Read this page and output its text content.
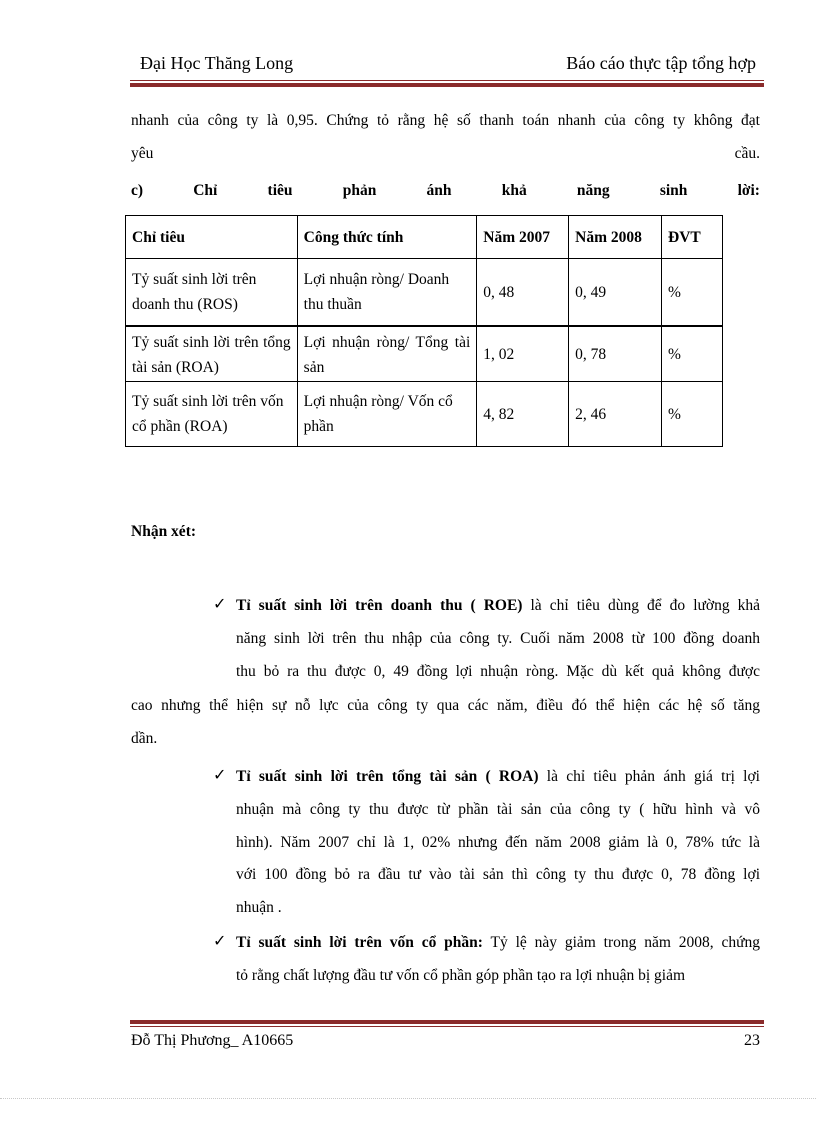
Đại Học Thăng Long	Báo cáo thực tập tổng hợp
nhanh của công ty là 0,95. Chứng tỏ rằng hệ số thanh toán nhanh của công ty không đạt
yêu	cầu.
c)	Chỉ	tiêu	phản	ánh	khả	năng	sinh	lời:
Chỉ tiêu	Công thức tính	Năm 2007	Năm 2008	ĐVT
Tỷ suất sinh lời trên doanh thu (ROS)	Lợi nhuận ròng/ Doanh thu thuần	0, 48	0, 49	%

Tỷ suất sinh lời trên tổng tài sản (ROA)	Lợi nhuận ròng/ Tổng tài sản	1, 02	0, 78	%
Tỷ suất sinh lời trên vốn cổ phần (ROA)	Lợi nhuận ròng/ Vốn cổ phần	4, 82	2, 46	%
Nhận xét:
✓ Tỉ suất sinh lời trên doanh thu ( ROE) là chỉ tiêu dùng để đo lường khả
năng sinh lời trên thu nhập của công ty. Cuối năm 2008 từ 100 đồng doanh
thu bỏ ra thu được 0, 49 đồng lợi nhuận ròng. Mặc dù kết quả không được
cao nhưng thể hiện sự nỗ lực của công ty qua các năm, điều đó thể hiện các hệ số tăng
dần.
✓ Tỉ suất sinh lời trên tổng tài sản ( ROA) là chỉ tiêu phản ánh giá trị lợi
nhuận mà công ty thu được từ phần tài sản của công ty ( hữu hình và vô
hình). Năm 2007 chỉ là 1, 02% nhưng đến năm 2008 giảm là 0, 78% tức là
với 100 đồng bỏ ra đầu tư vào tài sản thì công ty thu được 0, 78 đồng lợi
nhuận .
✓ Tỉ suất sinh lời trên vốn cổ phần: Tỷ lệ này giảm trong năm 2008, chứng
tỏ rằng chất lượng đầu tư vốn cổ phần góp phần tạo ra lợi nhuận bị giảm
Đỗ Thị Phương_ A10665	23
